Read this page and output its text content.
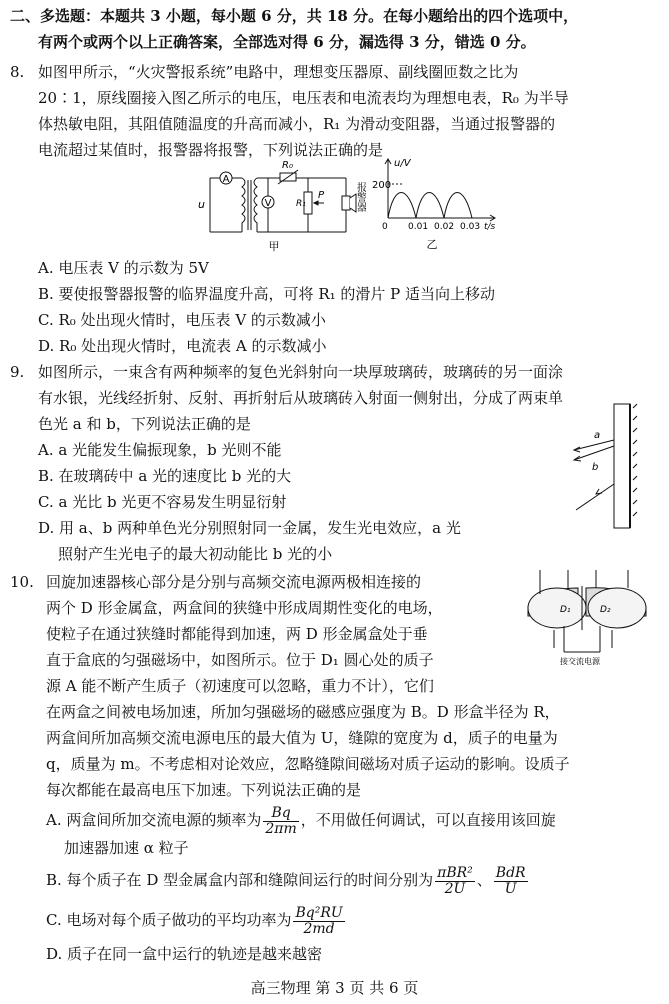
二、多选题：本题共 3 小题，每小题 6 分，共 18 分。在每小题给出的四个选项中，
有两个或两个以上正确答案，全部选对得 6 分，漏选得 3 分，错选 0 分。
8. 如图甲所示，“火灾警报系统”电路中，理想变压器原、副线圈匝数之比为
20∶1，原线圈接入图乙所示的电压，电压表和电流表均为理想电表，R₀ 为半导
体热敏电阻，其阻值随温度的升高而减小，R₁ 为滑动变阻器，当通过报警器的
电流超过某值时，报警器将报警，下列说法正确的是
A
V
u
R₀
R₁
P	报警器
甲
u/V
200
0 0.01 0.02 0.03 t/s
乙
A. 电压表 V 的示数为 5V
B. 要使报警器报警的临界温度升高，可将 R₁ 的滑片 P 适当向上移动
C. R₀ 处出现火情时，电压表 V 的示数减小
D. R₀ 处出现火情时，电流表 A 的示数减小
9. 如图所示，一束含有两种频率的复色光斜射向一块厚玻璃砖，玻璃砖的另一面涂
有水银，光线经折射、反射、再折射后从玻璃砖入射面一侧射出，分成了两束单
色光 a 和 b，下列说法正确的是
A. a 光能发生偏振现象，b 光则不能
B. 在玻璃砖中 a 光的速度比 b 光的大
C. a 光比 b 光更不容易发生明显衍射
D. 用 a、b 两种单色光分别照射同一金属，发生光电效应，a 光
照射产生光电子的最大初动能比 b 光的小
a
b
10. 回旋加速器核心部分是分别与高频交流电源两极相连接的
两个 D 形金属盒，两盒间的狭缝中形成周期性变化的电场，
使粒子在通过狭缝时都能得到加速，两 D 形金属盒处于垂
直于盒底的匀强磁场中，如图所示。位于 D₁ 圆心处的质子
源 A 能不断产生质子（初速度可以忽略，重力不计），它们
在两盒之间被电场加速，所加匀强磁场的磁感应强度为 B。D 形盒半径为 R，
两盒间所加高频交流电源电压的最大值为 U，缝隙的宽度为 d，质子的电量为
q，质量为 m。不考虑相对论效应，忽略缝隙间磁场对质子运动的影响。设质子
每次都能在最高电压下加速。下列说法正确的是
D₁	D₂
接交流电源
A. 两盒间所加交流电源的频率为 $\frac{Bq}{2\pi m}$ ，不用做任何调试，可以直接用该回旋
加速器加速 α 粒子
B. 每个质子在 D 型金属盒内部和缝隙间运行的时间分别为 $\frac{\text{πBR²}}{2U}$ 、 $\frac{\text{BdR}}{U}$
C. 电场对每个质子做功的平均功率为 $\frac{\text{Bq²RU}}{2md}$
D. 质子在同一盒中运行的轨迹是越来越密
高三物理 第 3 页 共 6 页
